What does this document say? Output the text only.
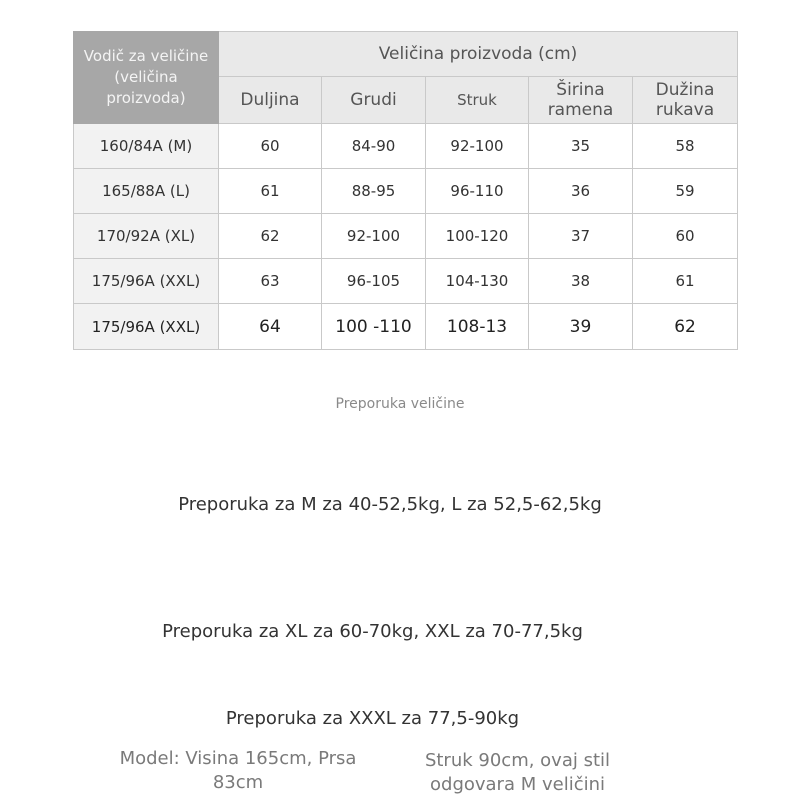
Vodič za veličine (veličina proizvoda)	Veličina proizvoda (cm)				
	Duljina	Grudi	Struk	Širina ramena	Dužina rukava
160/84A (M)	60	84-90	92-100	35	58
165/88A (L)	61	88-95	96-110	36	59
170/92A (XL)	62	92-100	100-120	37	60
175/96A (XXL)	63	96-105	104-130	38	61
175/96A (XXL)	64	100 -110	108-13	39	62
Preporuka veličine
Preporuka za M za 40-52,5kg, L za 52,5-62,5kg
Preporuka za XL za 60-70kg, XXL za 70-77,5kg
Preporuka za XXXL za 77,5-90kg
Model: Visina 165cm, Prsa 83cm
Struk 90cm, ovaj stil odgovara M veličini
